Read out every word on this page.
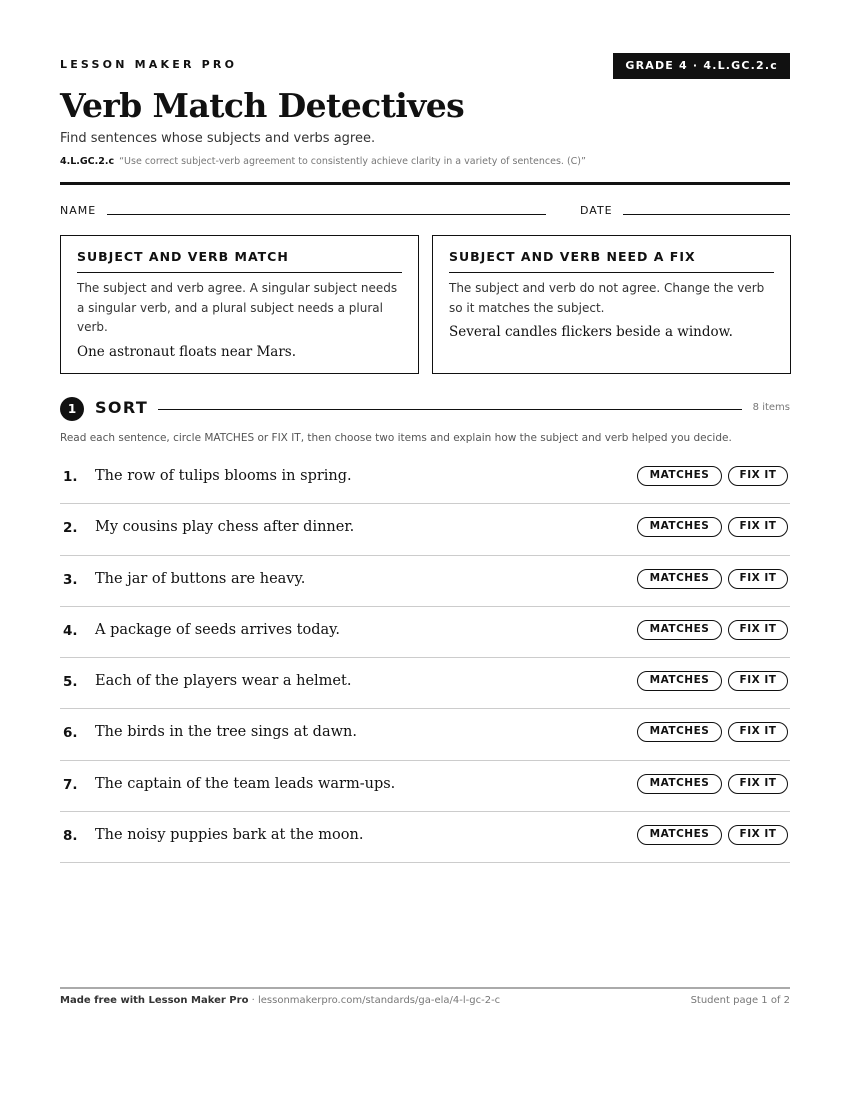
LESSON MAKER PRO	GRADE 4 · 4.L.GC.2.c
Verb Match Detectives
Find sentences whose subjects and verbs agree.
4.L.GC.2.c “Use correct subject-verb agreement to consistently achieve clarity in a variety of sentences. (C)”
NAME	DATE
SUBJECT AND VERB MATCH
The subject and verb agree. A singular subject needs a singular verb, and a plural subject needs a plural verb.
One astronaut floats near Mars.
SUBJECT AND VERB NEED A FIX
The subject and verb do not agree. Change the verb so it matches the subject.
Several candles flickers beside a window.
1	SORT	8 items
Read each sentence, circle MATCHES or FIX IT, then choose two items and explain how the subject and verb helped you decide.
1. The row of tulips blooms in spring.	MATCHES	FIX IT
2. My cousins play chess after dinner.	MATCHES	FIX IT
3. The jar of buttons are heavy.	MATCHES	FIX IT
4. A package of seeds arrives today.	MATCHES	FIX IT
5. Each of the players wear a helmet.	MATCHES	FIX IT
6. The birds in the tree sings at dawn.	MATCHES	FIX IT
7. The captain of the team leads warm-ups.	MATCHES	FIX IT
8. The noisy puppies bark at the moon.	MATCHES	FIX IT
Made free with Lesson Maker Pro · lessonmakerpro.com/standards/ga-ela/4-l-gc-2-c	Student page 1 of 2
